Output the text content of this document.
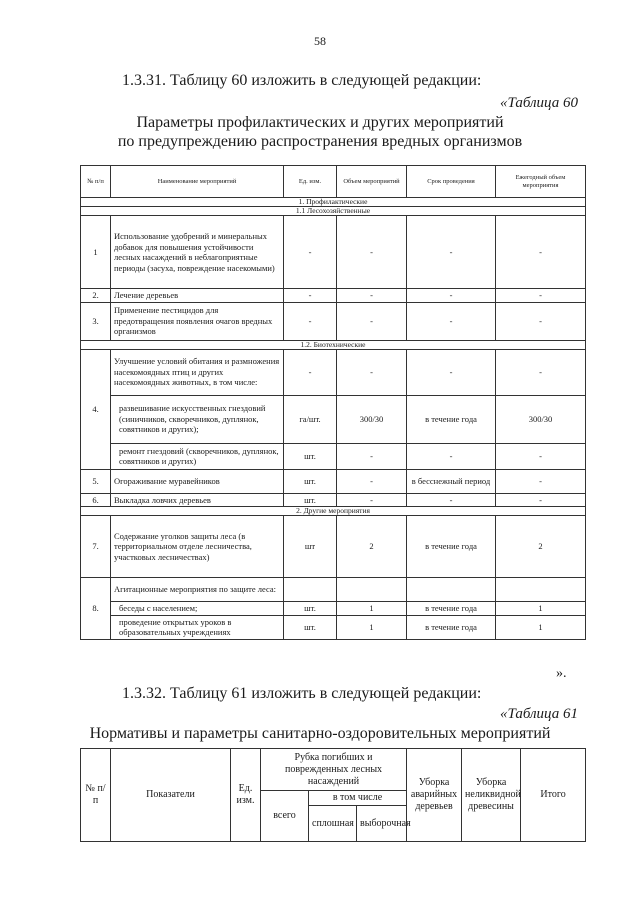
58
1.3.31. Таблицу 60 изложить в следующей редакции:
«Таблица 60
Параметры профилактических и других мероприятий
по предупреждению распространения вредных организмов
№ п/п	Наименование мероприятий	Ед. изм.	Объем мероприятий	Срок проведения	Ежегодный объем мероприятия
1. Профилактические					
1.1 Лесохозяйственные					
1	Использование удобрений и минеральных добавок для повышения устойчивости лесных насаждений в неблагоприятные периоды (засуха, повреждение насекомыми)	-	-	-	-
2.	Лечение деревьев	-	-	-	-
3.	Применение пестицидов для предотвращения появления очагов вредных организмов	-	-	-	-
1.2. Биотехнические					
4.	Улучшение условий обитания и размножения насекомоядных птиц и других насекомоядных животных, в том числе:	-	-	-	-
	развешивание искусственных гнездовий (синичников, скворечников, дуплянок, совятников и других);	га/шт.	300/30	в течение года	300/30
	ремонт гнездовий (скворечников, дуплянок, совятников и других)	шт.	-	-	-
5.	Огораживание муравейников	шт.	-	в бесснежный период	-
6.	Выкладка ловчих деревьев	шт.	-	-	-
2. Другие мероприятия					
7.	Содержание уголков защиты леса (в территориальном отделе лесничества, участковых лесничествах)	шт	2	в течение года	2
8.	Агитационные мероприятия по защите леса:				
	беседы с населением;	шт.	1	в течение года	1
	проведение открытых уроков в образовательных учреждениях	шт.	1	в течение года	1
».
1.3.32. Таблицу 61 изложить в следующей редакции:
«Таблица 61
Нормативы и параметры санитарно-оздоровительных мероприятий
№ п/п	Показатели	Ед. изм.	Рубка погибших и поврежденных лесных насаждений			Уборка аварийных деревьев	Уборка неликвидной древесины	Итого
			всего	в том числе				
				сплошная	выборочная			
